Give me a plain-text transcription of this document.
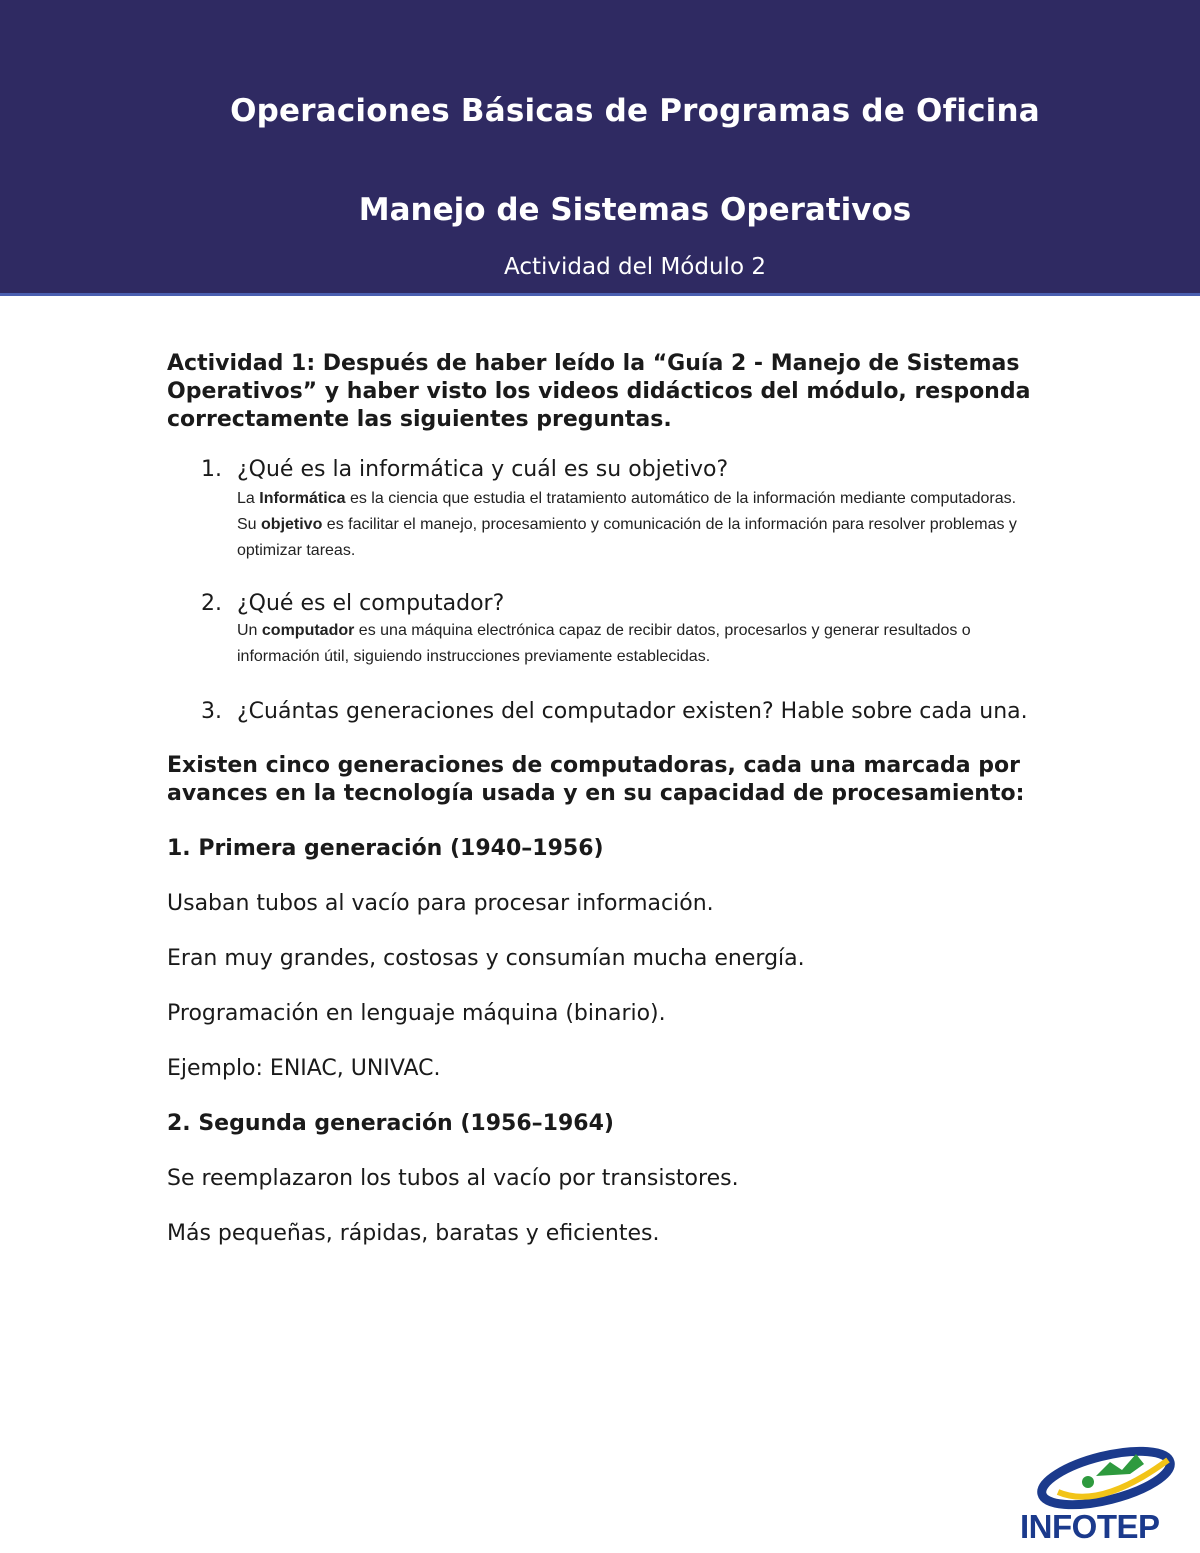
Operaciones Básicas de Programas de Oficina
Manejo de Sistemas Operativos
Actividad del Módulo 2

Actividad 1: Después de haber leído la “Guía 2 - Manejo de Sistemas Operativos” y haber visto los videos didácticos del módulo, responda correctamente las siguientes preguntas.

1. ¿Qué es la informática y cuál es su objetivo?
La Informática es la ciencia que estudia el tratamiento automático de la información mediante computadoras.
Su objetivo es facilitar el manejo, procesamiento y comunicación de la información para resolver problemas y optimizar tareas.
2. ¿Qué es el computador?
Un computador es una máquina electrónica capaz de recibir datos, procesarlos y generar resultados o información útil, siguiendo instrucciones previamente establecidas.
3. ¿Cuántas generaciones del computador existen? Hable sobre cada una.

Existen cinco generaciones de computadoras, cada una marcada por avances en la tecnología usada y en su capacidad de procesamiento:

1. Primera generación (1940–1956)

Usaban tubos al vacío para procesar información.

Eran muy grandes, costosas y consumían mucha energía.

Programación en lenguaje máquina (binario).

Ejemplo: ENIAC, UNIVAC.

2. Segunda generación (1956–1964)

Se reemplazaron los tubos al vacío por transistores.

Más pequeñas, rápidas, baratas y eficientes.

INFOTEP
